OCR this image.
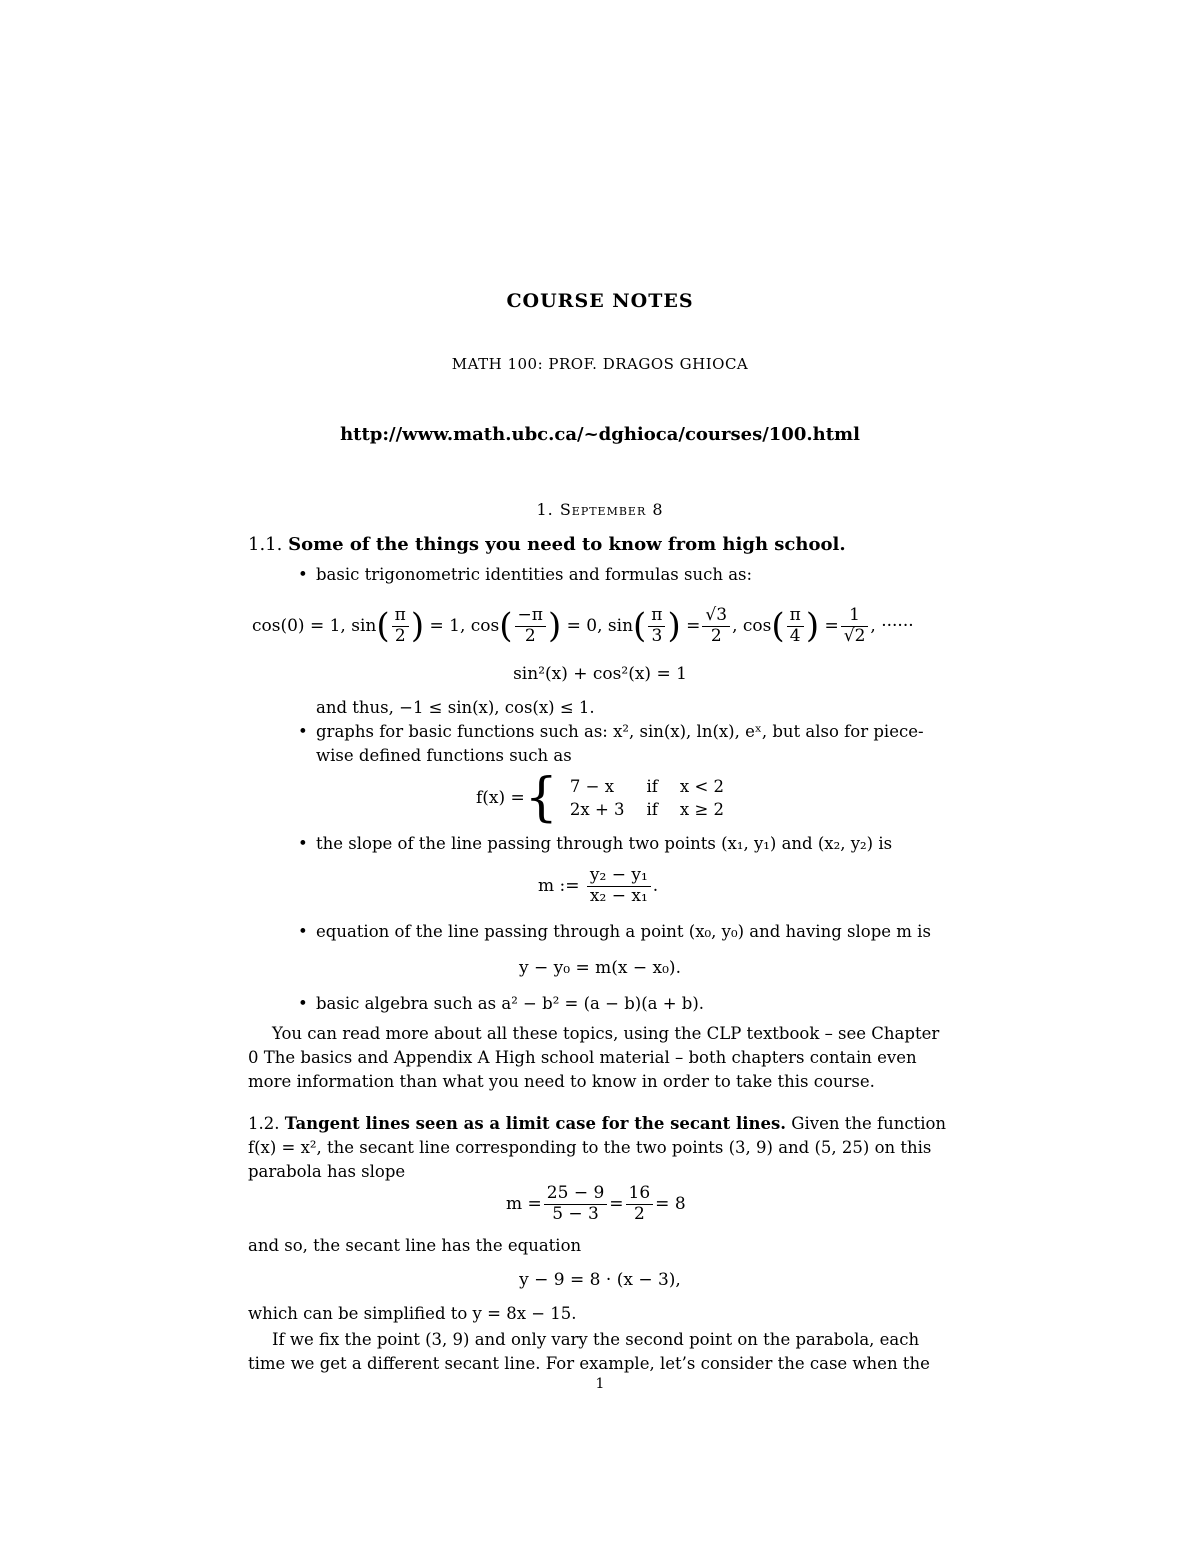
COURSE NOTES
MATH 100: PROF. DRAGOS GHIOCA
http://www.math.ubc.ca/~dghioca/courses/100.html
1. September 8
1.1. Some of the things you need to know from high school.
• basic trigonometric identities and formulas such as:
cos(0) = 1,
sin ( $\frac{\pi}{2}$ )
= 1,
cos ( $\frac{-\pi}{2}$ )
= 0,
sin ( $\frac{\pi}{3}$ )
= $\frac{√3}{2}$ ,
cos ( $\frac{\pi}{4}$ )
= $\frac{1}{√2}$ , ······
sin²(x) + cos²(x) = 1
and thus, −1 ≤ sin(x), cos(x) ≤ 1.
• graphs for basic functions such as: x², sin(x), ln(x), eˣ, but also for piece-
wise defined functions such as
f(x) = { 7 − x	if	x < 2
2x + 3	if	x ≥ 2
• the slope of the line passing through two points (x₁, y₁) and (x₂, y₂) is
m :=
$\frac{\text{y₂ − y₁}}{\text{x₂ − x₁}}$ .
• equation of the line passing through a point (x₀, y₀) and having slope m is
y − y₀ = m(x − x₀).
• basic algebra such as a² − b² = (a − b)(a + b).
You can read more about all these topics, using the CLP textbook – see Chapter 0 The basics and Appendix A High school material – both chapters contain even more information than what you need to know in order to take this course.
1.2. Tangent lines seen as a limit case for the secant lines. Given the function f(x) = x², the secant line corresponding to the two points (3, 9) and (5, 25) on this parabola has slope
$m = \frac{25 - 9}{5 - 3} = \frac{16}{2} = 8$
and so, the secant line has the equation
y − 9 = 8 · (x − 3),
which can be simplified to y = 8x − 15.
If we fix the point (3, 9) and only vary the second point on the parabola, each time we get a different secant line. For example, let’s consider the case when the
1
